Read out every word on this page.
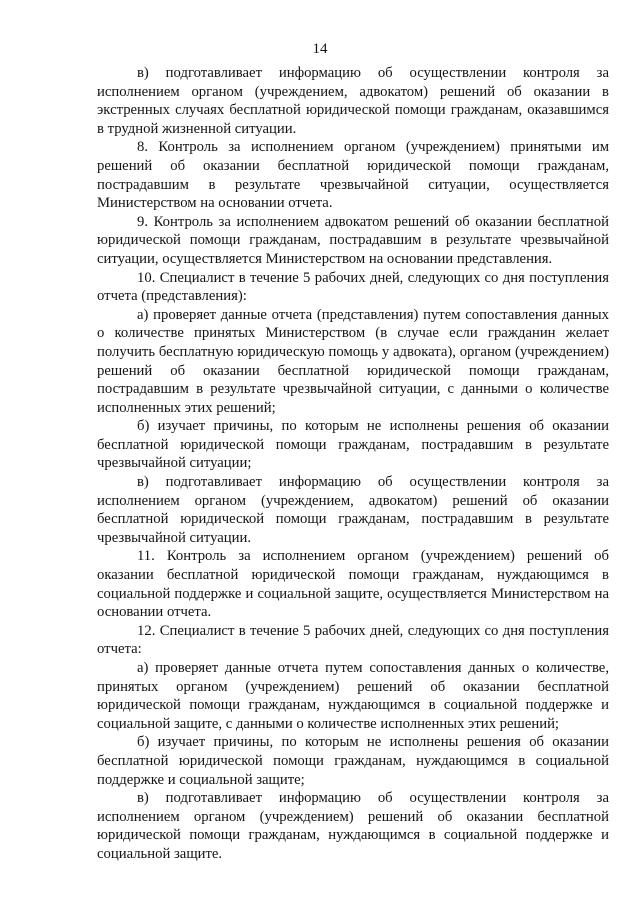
14

в) подготавливает информацию об осуществлении контроля за исполнением органом (учреждением, адвокатом) решений об оказании в экстренных случаях бесплатной юридической помощи гражданам, оказавшимся в трудной жизненной ситуации.

8. Контроль за исполнением органом (учреждением) принятыми им решений об оказании бесплатной юридической помощи гражданам, пострадавшим в результате чрезвычайной ситуации, осуществляется Министерством на основании отчета.

9. Контроль за исполнением адвокатом решений об оказании бесплатной юридической помощи гражданам, пострадавшим в результате чрезвычайной ситуации, осуществляется Министерством на основании представления.

10. Специалист в течение 5 рабочих дней, следующих со дня поступления отчета (представления):

а) проверяет данные отчета (представления) путем сопоставления данных о количестве принятых Министерством (в случае если гражданин желает получить бесплатную юридическую помощь у адвоката), органом (учреждением) решений об оказании бесплатной юридической помощи гражданам, пострадавшим в результате чрезвычайной ситуации, с данными о количестве исполненных этих решений;

б) изучает причины, по которым не исполнены решения об оказании бесплатной юридической помощи гражданам, пострадавшим в результате чрезвычайной ситуации;

в) подготавливает информацию об осуществлении контроля за исполнением органом (учреждением, адвокатом) решений об оказании бесплатной юридической помощи гражданам, пострадавшим в результате чрезвычайной ситуации.

11. Контроль за исполнением органом (учреждением) решений об оказании бесплатной юридической помощи гражданам, нуждающимся в социальной поддержке и социальной защите, осуществляется Министерством на основании отчета.

12. Специалист в течение 5 рабочих дней, следующих со дня поступления отчета:

а) проверяет данные отчета путем сопоставления данных о количестве, принятых органом (учреждением) решений об оказании бесплатной юридической помощи гражданам, нуждающимся в социальной поддержке и социальной защите, с данными о количестве исполненных этих решений;

б) изучает причины, по которым не исполнены решения об оказании бесплатной юридической помощи гражданам, нуждающимся в социальной поддержке и социальной защите;

в) подготавливает информацию об осуществлении контроля за исполнением органом (учреждением) решений об оказании бесплатной юридической помощи гражданам, нуждающимся в социальной поддержке и социальной защите.
